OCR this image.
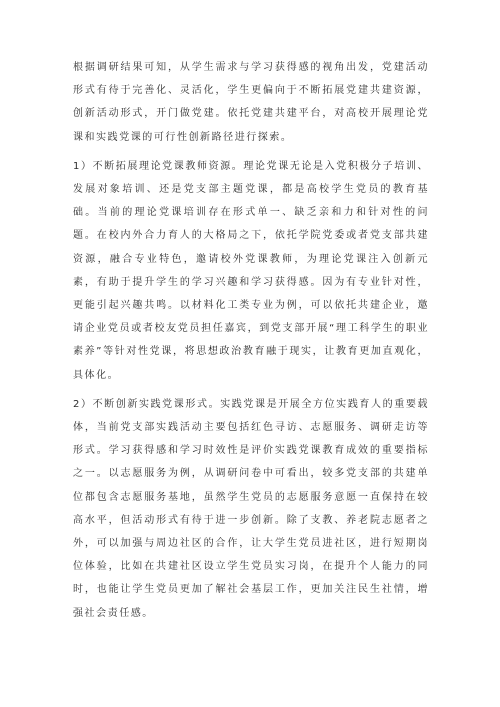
根据调研结果可知，从学生需求与学习获得感的视角出发，党建活动形式有待于完善化、灵活化，学生更偏向于不断拓展党建共建资源，创新活动形式，开门做党建。依托党建共建平台，对高校开展理论党课和实践党课的可行性创新路径进行探索。

1）不断拓展理论党课教师资源。理论党课无论是入党积极分子培训、发展对象培训、还是党支部主题党课，都是高校学生党员的教育基础。当前的理论党课培训存在形式单一、缺乏亲和力和针对性的问题。在校内外合力育人的大格局之下，依托学院党委或者党支部共建资源，融合专业特色，邀请校外党课教师，为理论党课注入创新元素，有助于提升学生的学习兴趣和学习获得感。因为有专业针对性，更能引起兴趣共鸣。以材料化工类专业为例，可以依托共建企业，邀请企业党员或者校友党员担任嘉宾，到党支部开展“理工科学生的职业素养”等针对性党课，将思想政治教育融于现实，让教育更加直观化，具体化。

2）不断创新实践党课形式。实践党课是开展全方位实践育人的重要载体，当前党支部实践活动主要包括红色寻访、志愿服务、调研走访等形式。学习获得感和学习时效性是评价实践党课教育成效的重要指标之一。以志愿服务为例，从调研问卷中可看出，较多党支部的共建单位都包含志愿服务基地，虽然学生党员的志愿服务意愿一直保持在较高水平，但活动形式有待于进一步创新。除了支教、养老院志愿者之外，可以加强与周边社区的合作，让大学生党员进社区，进行短期岗位体验，比如在共建社区设立学生党员实习岗，在提升个人能力的同时，也能让学生党员更加了解社会基层工作，更加关注民生社情，增强社会责任感。
